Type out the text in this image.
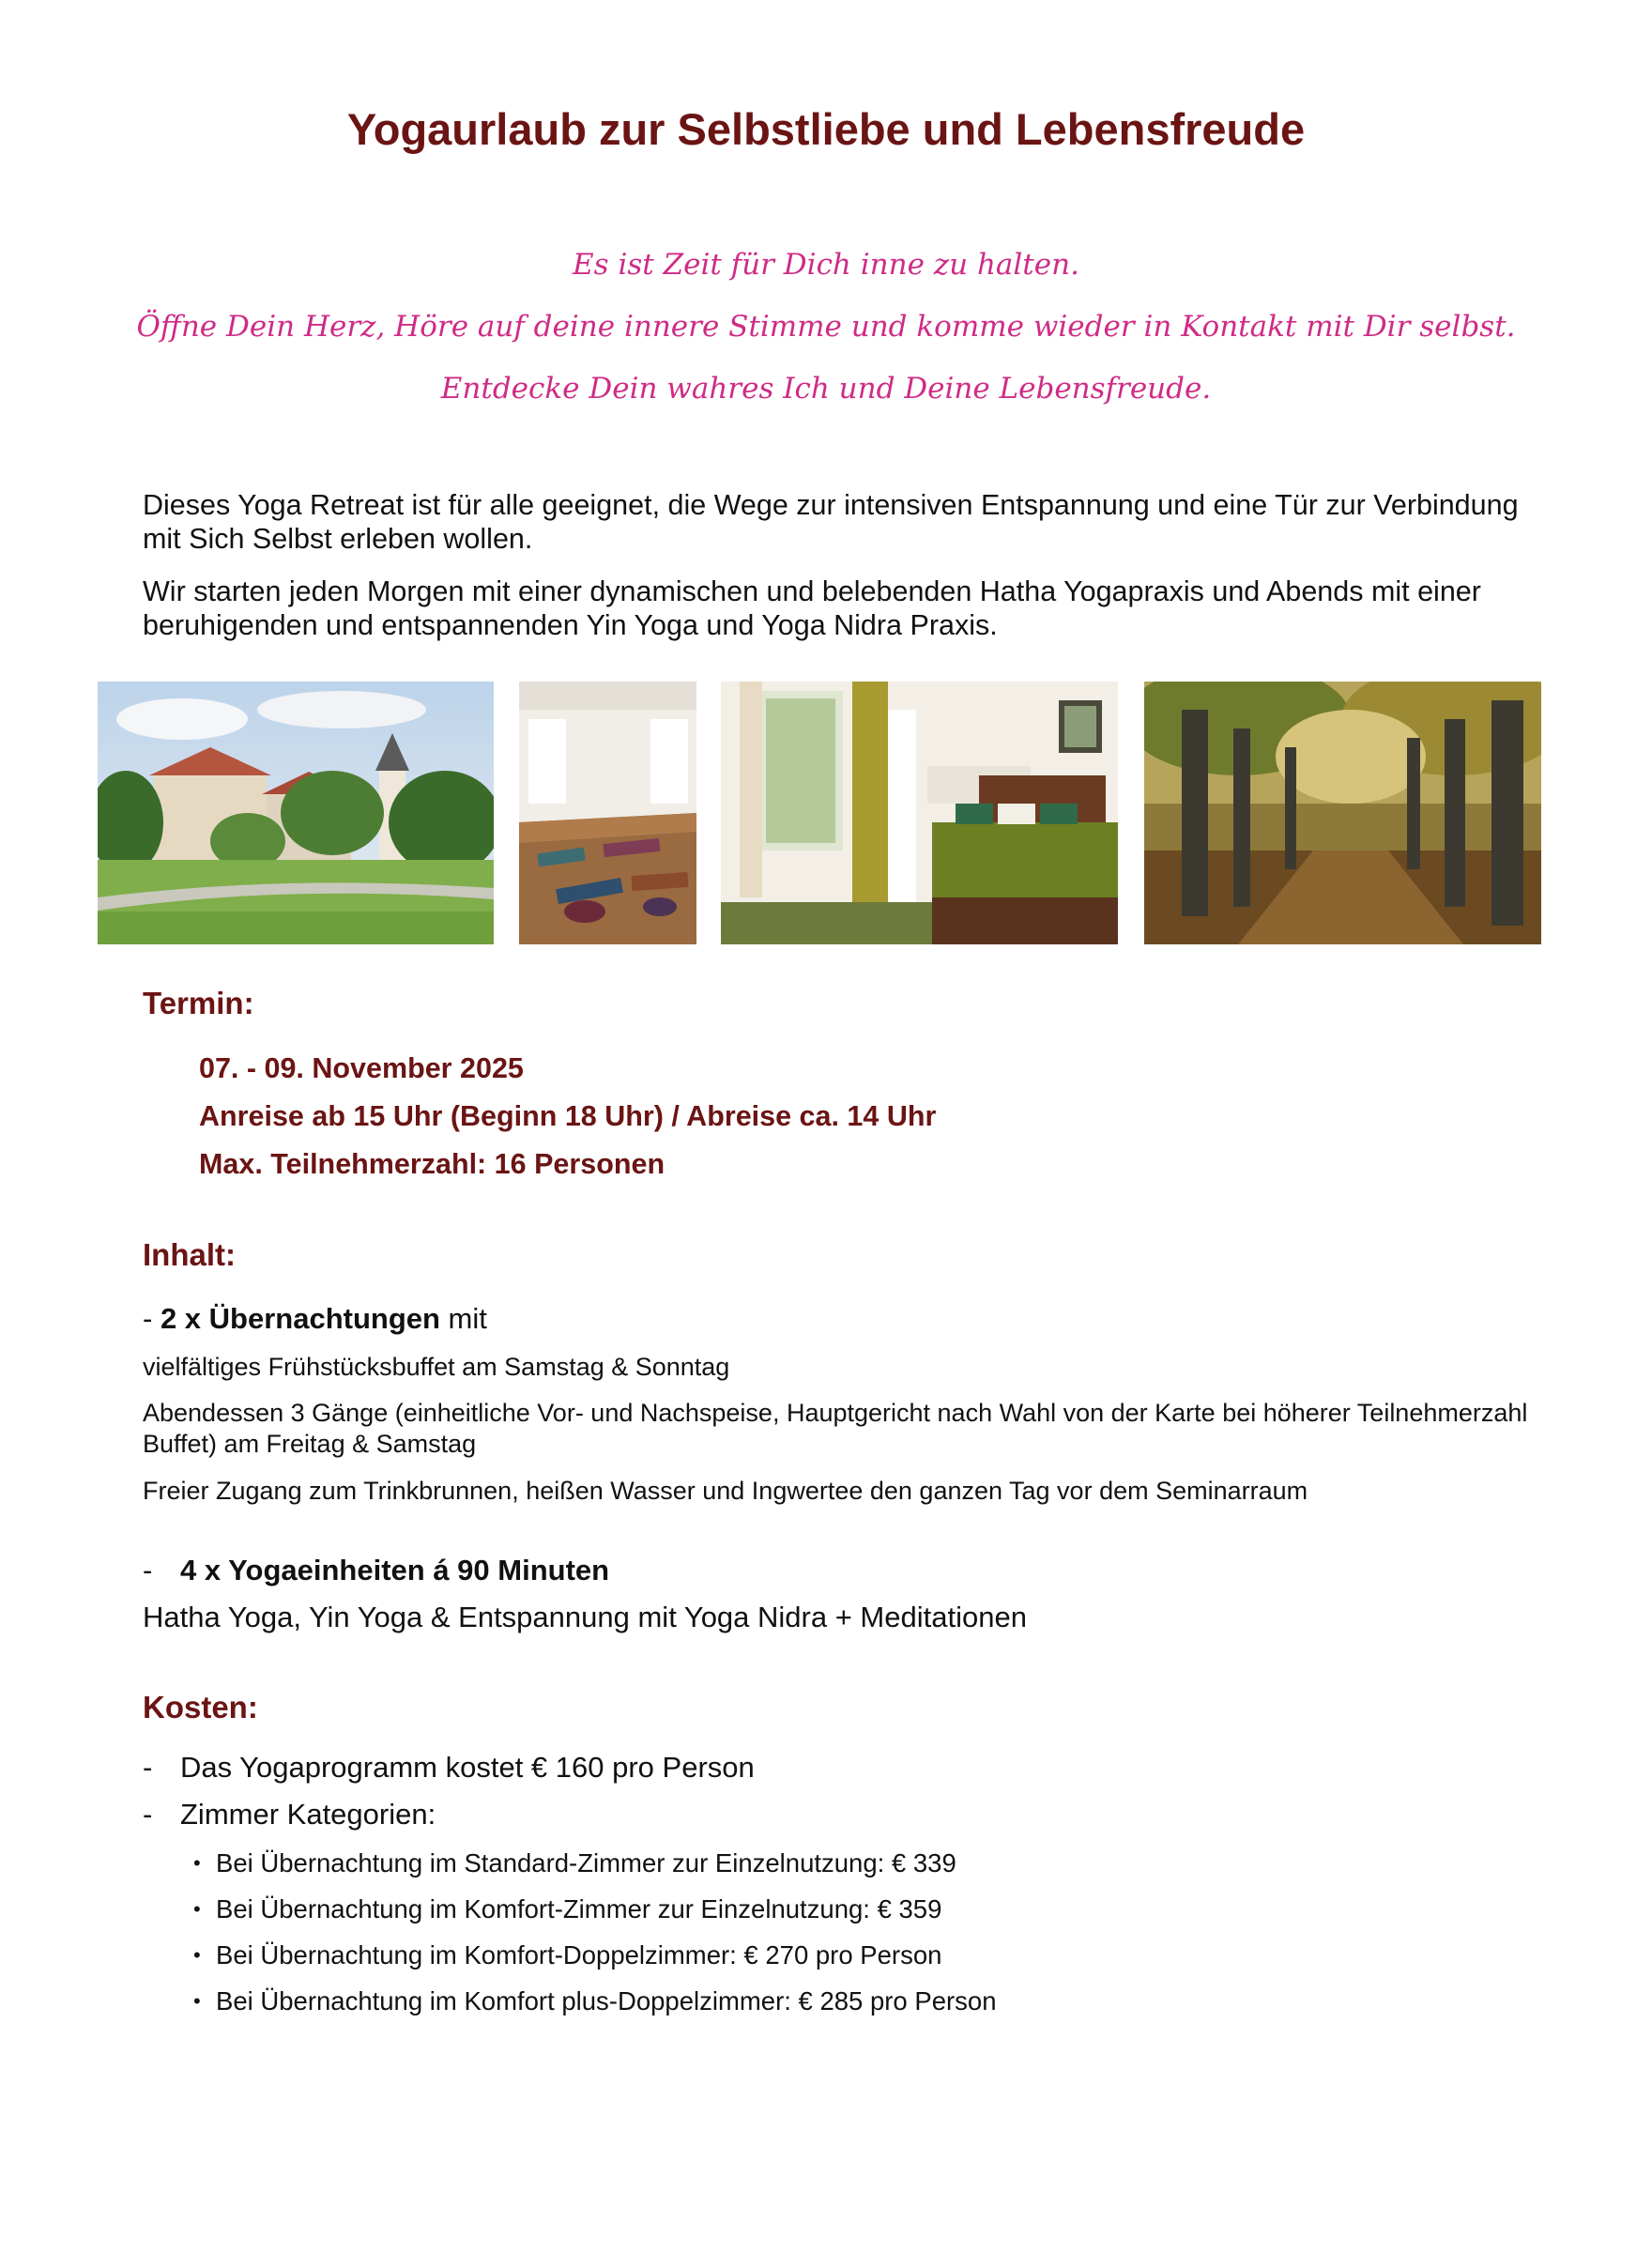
Yogaurlaub zur Selbstliebe und Lebensfreude

Es ist Zeit für Dich inne zu halten.

Öffne Dein Herz, Höre auf deine innere Stimme und komme wieder in Kontakt mit Dir selbst.

Entdecke Dein wahres Ich und Deine Lebensfreude.

Dieses Yoga Retreat ist für alle geeignet, die Wege zur intensiven Entspannung und eine Tür zur Verbindung mit Sich Selbst erleben wollen.

Wir starten jeden Morgen mit einer dynamischen und belebenden Hatha Yogapraxis und Abends mit einer beruhigenden und entspannenden Yin Yoga und Yoga Nidra Praxis.

Termin:

07. - 09. November 2025

Anreise ab 15 Uhr (Beginn 18 Uhr) / Abreise ca. 14 Uhr

Max. Teilnehmerzahl: 16 Personen

Inhalt:

- 2 x Übernachtungen mit

vielfältiges Frühstücksbuffet am Samstag & Sonntag

Abendessen 3 Gänge (einheitliche Vor- und Nachspeise, Hauptgericht nach Wahl von der Karte bei höherer Teilnehmerzahl Buffet) am Freitag & Samstag

Freier Zugang zum Trinkbrunnen, heißen Wasser und Ingwertee den ganzen Tag vor dem Seminarraum

- 4 x Yogaeinheiten á 90 Minuten

Hatha Yoga, Yin Yoga & Entspannung mit Yoga Nidra + Meditationen

Kosten:

- Das Yogaprogramm kostet € 160 pro Person

- Zimmer Kategorien:

• Bei Übernachtung im Standard-Zimmer zur Einzelnutzung: € 339

• Bei Übernachtung im Komfort-Zimmer zur Einzelnutzung: € 359

• Bei Übernachtung im Komfort-Doppelzimmer: € 270 pro Person

• Bei Übernachtung im Komfort plus-Doppelzimmer: € 285 pro Person
